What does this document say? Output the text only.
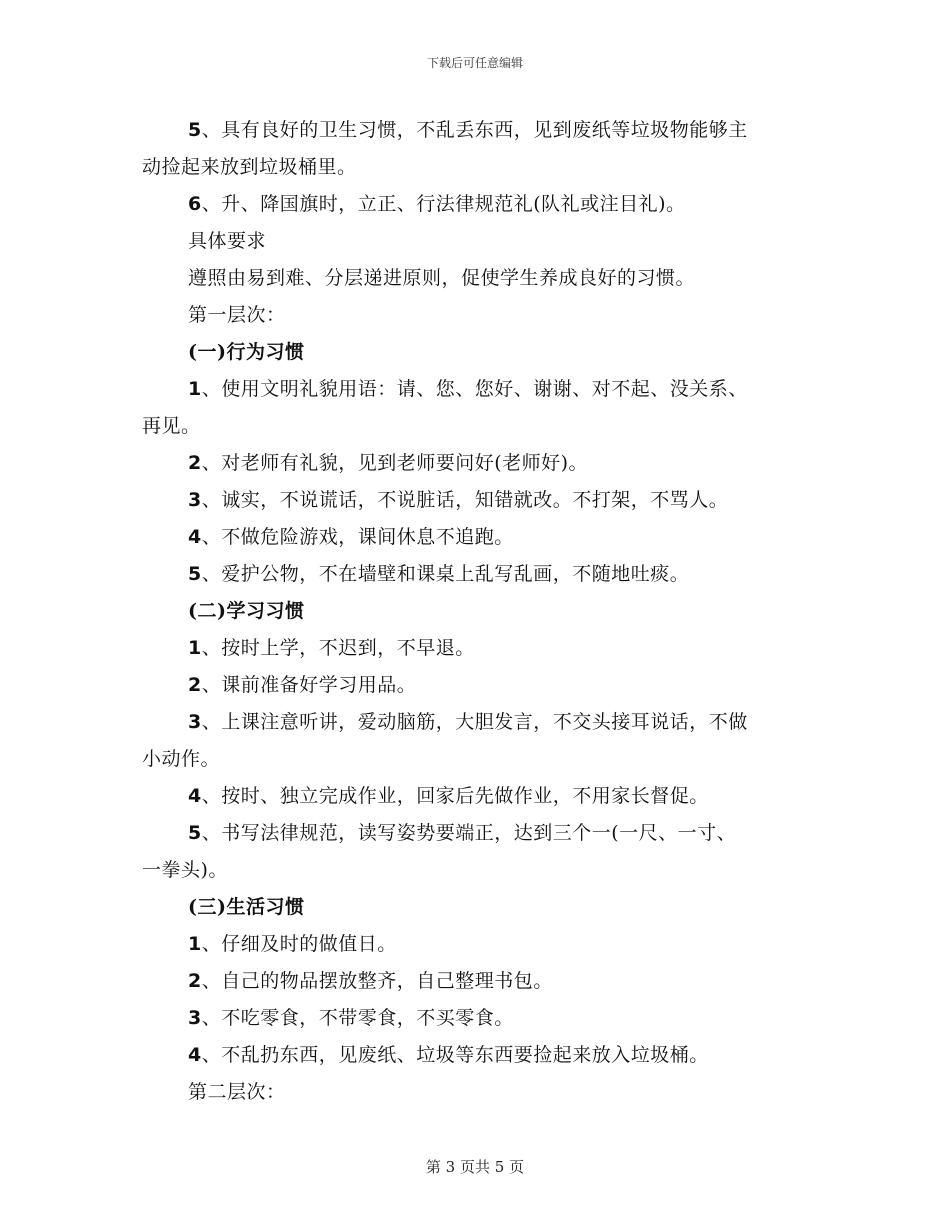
下载后可任意编辑
5、具有良好的卫生习惯，不乱丢东西，见到废纸等垃圾物能够主
动捡起来放到垃圾桶里。
6、升、降国旗时，立正、行法律规范礼(队礼或注目礼)。
具体要求
遵照由易到难、分层递进原则，促使学生养成良好的习惯。
第一层次：
(一)行为习惯
1、使用文明礼貌用语：请、您、您好、谢谢、对不起、没关系、
再见。
2、对老师有礼貌，见到老师要问好(老师好)。
3、诚实，不说谎话，不说脏话，知错就改。不打架，不骂人。
4、不做危险游戏，课间休息不追跑。
5、爱护公物，不在墙壁和课桌上乱写乱画，不随地吐痰。
(二)学习习惯
1、按时上学，不迟到，不早退。
2、课前准备好学习用品。
3、上课注意听讲，爱动脑筋，大胆发言，不交头接耳说话，不做
小动作。
4、按时、独立完成作业，回家后先做作业，不用家长督促。
5、书写法律规范，读写姿势要端正，达到三个一(一尺、一寸、
一拳头)。
(三)生活习惯
1、仔细及时的做值日。
2、自己的物品摆放整齐，自己整理书包。
3、不吃零食，不带零食，不买零食。
4、不乱扔东西，见废纸、垃圾等东西要捡起来放入垃圾桶。
第二层次：
第 3 页共 5 页
